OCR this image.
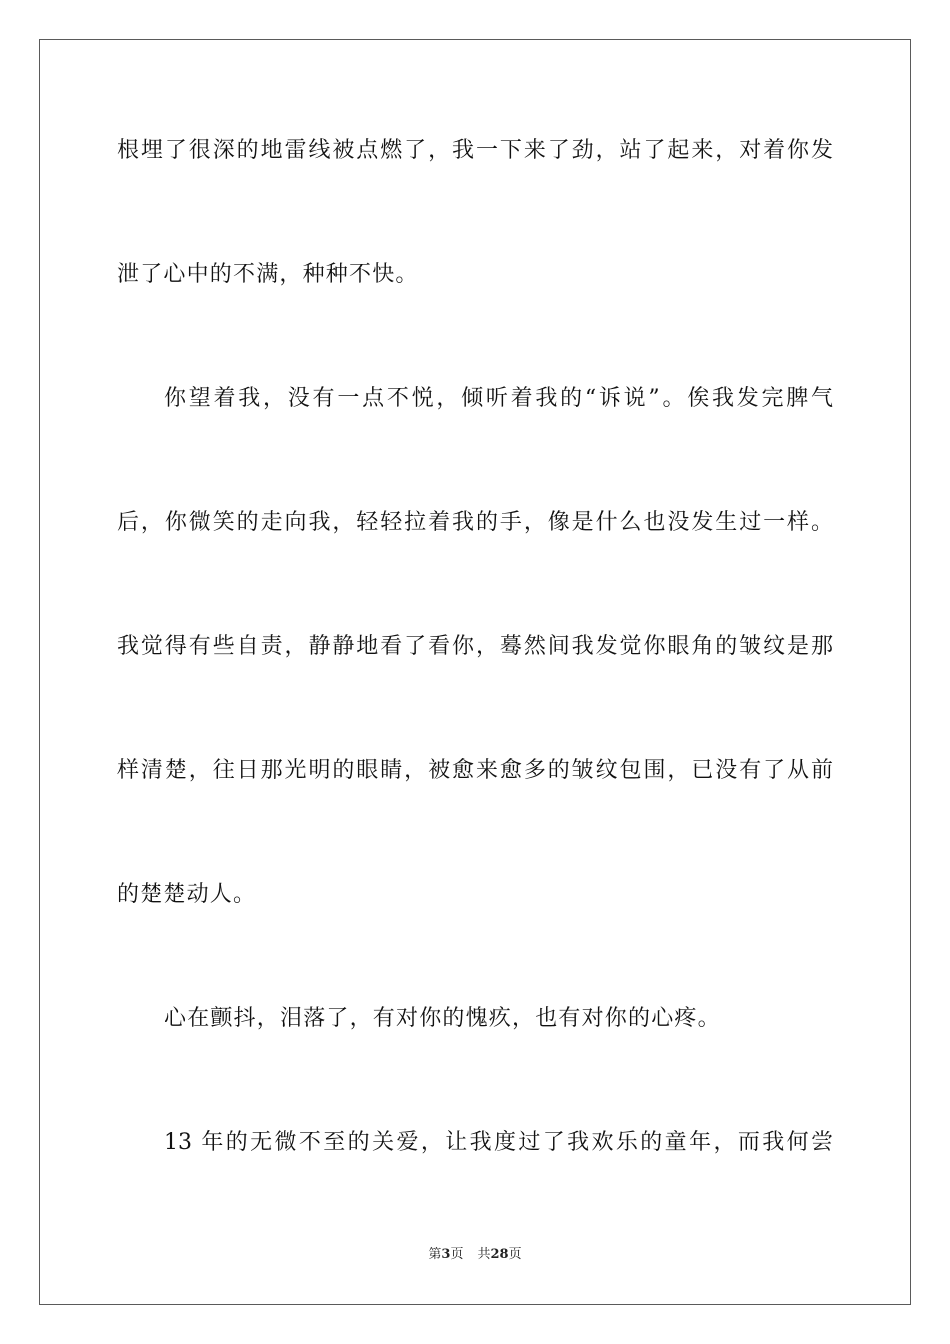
根埋了很深的地雷线被点燃了，我一下来了劲，站了起来，对着你发
泄了心中的不满，种种不快。
你望着我，没有一点不悦，倾听着我的“诉说”。俟我发完脾气
后，你微笑的走向我，轻轻拉着我的手，像是什么也没发生过一样。
我觉得有些自责，静静地看了看你，蓦然间我发觉你眼角的皱纹是那
样清楚，往日那光明的眼睛，被愈来愈多的皱纹包围，已没有了从前
的楚楚动人。
心在颤抖，泪落了，有对你的愧疚，也有对你的心疼。
13 年的无微不至的关爱，让我度过了我欢乐的童年，而我何尝
第3页 共28页
